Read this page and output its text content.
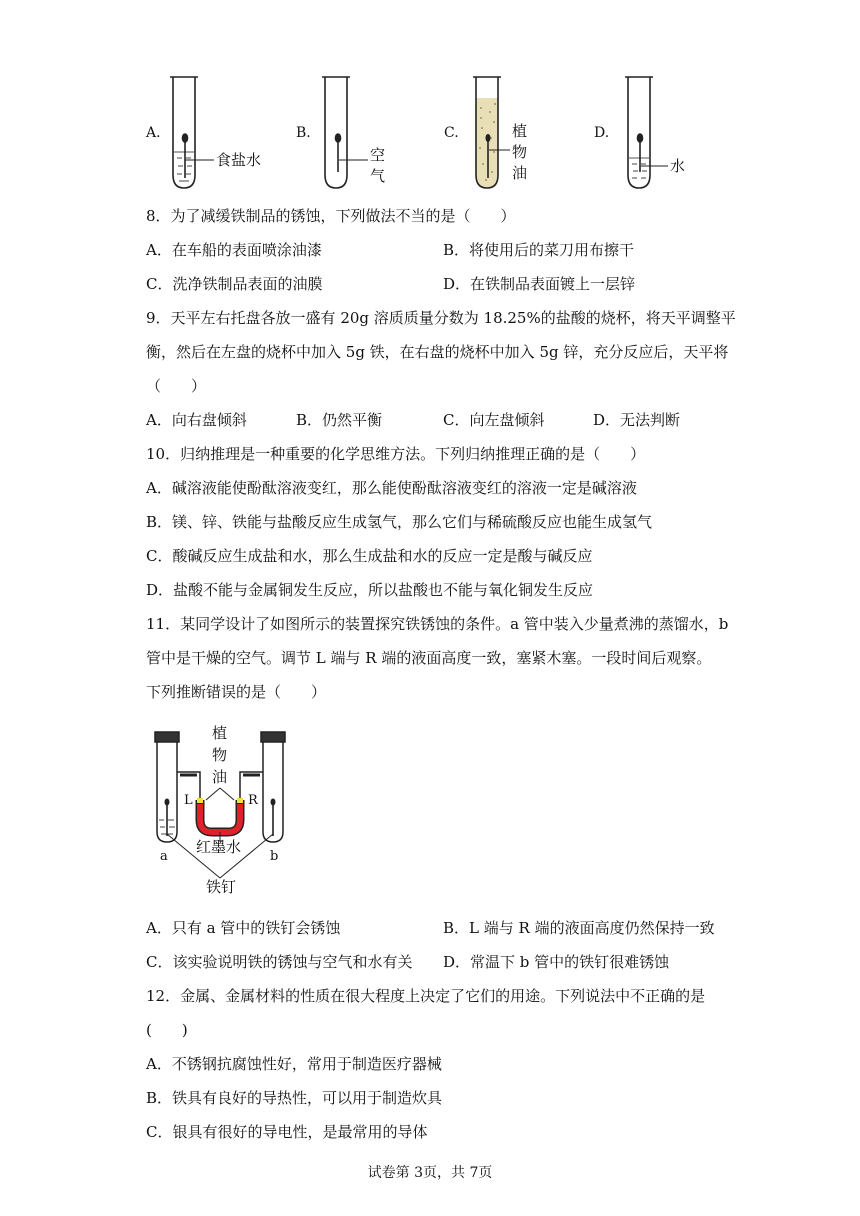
A.	B.	C.	D.
食盐水	空
气
植
物
油	水
8．为了减缓铁制品的锈蚀，下列做法不当的是（　　）
A．在车船的表面喷涂油漆	B．将使用后的菜刀用布擦干
C．洗净铁制品表面的油膜	D．在铁制品表面镀上一层锌
9．天平左右托盘各放一盛有 20g 溶质质量分数为 18.25%的盐酸的烧杯，将天平调整平
衡，然后在左盘的烧杯中加入 5g 铁，在右盘的烧杯中加入 5g 锌，充分反应后，天平将
（　　）
A．向右盘倾斜	B．仍然平衡	C．向左盘倾斜	D．无法判断
10．归纳推理是一种重要的化学思维方法。下列归纳推理正确的是（　　）
A．碱溶液能使酚酞溶液变红，那么能使酚酞溶液变红的溶液一定是碱溶液
B．镁、锌、铁能与盐酸反应生成氢气，那么它们与稀硫酸反应也能生成氢气
C．酸碱反应生成盐和水，那么生成盐和水的反应一定是酸与碱反应
D．盐酸不能与金属铜发生反应，所以盐酸也不能与氧化铜发生反应
11．某同学设计了如图所示的装置探究铁锈蚀的条件。a 管中装入少量煮沸的蒸馏水，b
管中是干燥的空气。调节 L 端与 R 端的液面高度一致，塞紧木塞。一段时间后观察。
下列推断错误的是（　　）
植
物
油
L	R
a	b
红墨水
铁钉
A．只有 a 管中的铁钉会锈蚀	B．L 端与 R 端的液面高度仍然保持一致
C．该实验说明铁的锈蚀与空气和水有关 D．常温下 b 管中的铁钉很难锈蚀
12．金属、金属材料的性质在很大程度上决定了它们的用途。下列说法中不正确的是
(　　)
A．不锈钢抗腐蚀性好，常用于制造医疗器械
B．铁具有良好的导热性，可以用于制造炊具
C．银具有很好的导电性，是最常用的导体
试卷第 3页，共 7页
